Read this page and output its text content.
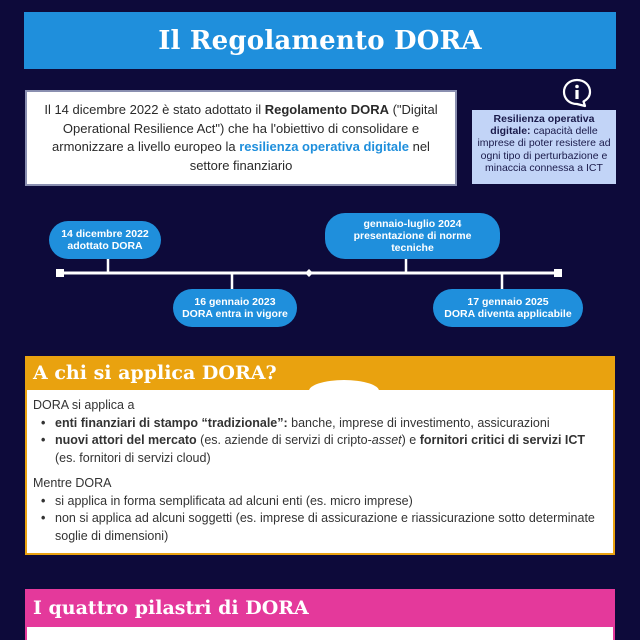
Il Regolamento DORA

Il 14 dicembre 2022 è stato adottato il Regolamento DORA ("Digital Operational Resilience Act") che ha l'obiettivo di consolidare e armonizzare a livello europeo la resilienza operativa digitale nel settore finanziario

Resilienza operativa digitale: capacità delle imprese di poter resistere ad ogni tipo di perturbazione e minaccia connessa a ICT
14 dicembre 2022
adottato DORA
16 gennaio 2023
DORA entra in vigore
gennaio-luglio 2024
presentazione di norme
tecniche
17 gennaio 2025
DORA diventa applicabile
A chi si applica DORA?

DORA si applica a

• enti finanziari di stampo “tradizionale”: banche, imprese di investimento, assicurazioni
• nuovi attori del mercato (es. aziende di servizi di cripto-asset) e fornitori critici di servizi ICT (es. fornitori di servizi cloud)

Mentre DORA

• si applica in forma semplificata ad alcuni enti (es. micro imprese)
• non si applica ad alcuni soggetti (es. imprese di assicurazione e riassicurazione sotto determinate soglie di dimensioni)
I quattro pilastri di DORA
